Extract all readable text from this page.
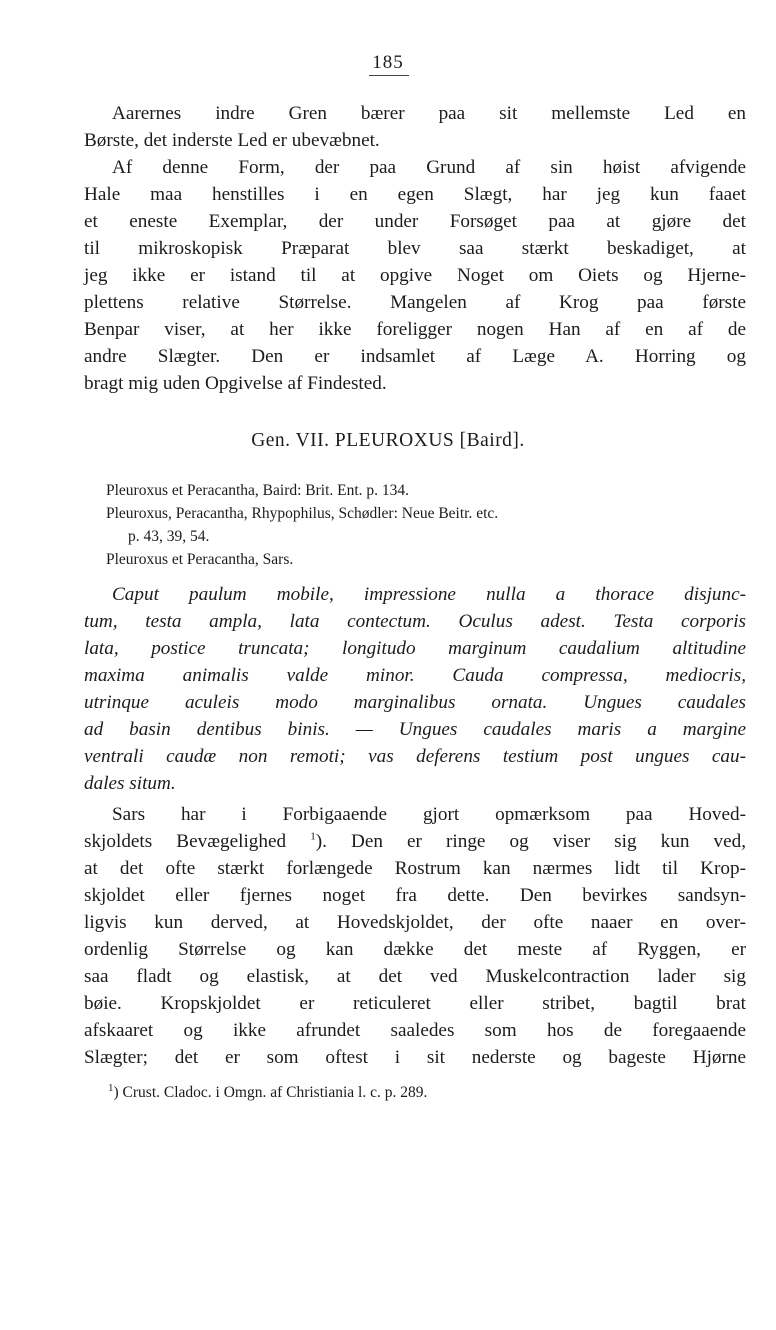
185
Aarernes indre Gren bærer paa sit mellemste Led en
Børste, det inderste Led er ubevæbnet.
Af denne Form, der paa Grund af sin høist afvigende
Hale maa henstilles i en egen Slægt, har jeg kun faaet
et eneste Exemplar, der under Forsøget paa at gjøre det
til mikroskopisk Præparat blev saa stærkt beskadiget, at
jeg ikke er istand til at opgive Noget om Oiets og Hjerne-
plettens relative Størrelse. Mangelen af Krog paa første
Benpar viser, at her ikke foreligger nogen Han af en af de
andre Slægter. Den er indsamlet af Læge A. Horring og
bragt mig uden Opgivelse af Findested.
Gen. VII. PLEUROXUS [Baird].
Pleuroxus et Peracantha, Baird: Brit. Ent. p. 134.
Pleuroxus, Peracantha, Rhypophilus, Schødler: Neue Beitr. etc.
p. 43, 39, 54.
Pleuroxus et Peracantha, Sars.
Caput paulum mobile, impressione nulla a thorace disjunc-
tum, testa ampla, lata contectum. Oculus adest. Testa corporis
lata, postice truncata; longitudo marginum caudalium altitudine
maxima animalis valde minor. Cauda compressa, mediocris,
utrinque aculeis modo marginalibus ornata. Ungues caudales
ad basin dentibus binis. — Ungues caudales maris a margine
ventrali caudæ non remoti; vas deferens testium post ungues cau-
dales situm.
Sars har i Forbigaaende gjort opmærksom paa Hoved-
skjoldets Bevægelighed $^1$). Den er ringe og viser sig kun ved,
at det ofte stærkt forlængede Rostrum kan nærmes lidt til Krop-
skjoldet eller fjernes noget fra dette. Den bevirkes sandsyn-
ligvis kun derved, at Hovedskjoldet, der ofte naaer en over-
ordenlig Størrelse og kan dække det meste af Ryggen, er
saa fladt og elastisk, at det ved Muskelcontraction lader sig
bøie. Kropskjoldet er reticuleret eller stribet, bagtil brat
afskaaret og ikke afrundet saaledes som hos de foregaaende
Slægter; det er som oftest i sit nederste og bageste Hjørne
$^1$) Crust. Cladoc. i Omgn. af Christiania l. c. p. 289.
